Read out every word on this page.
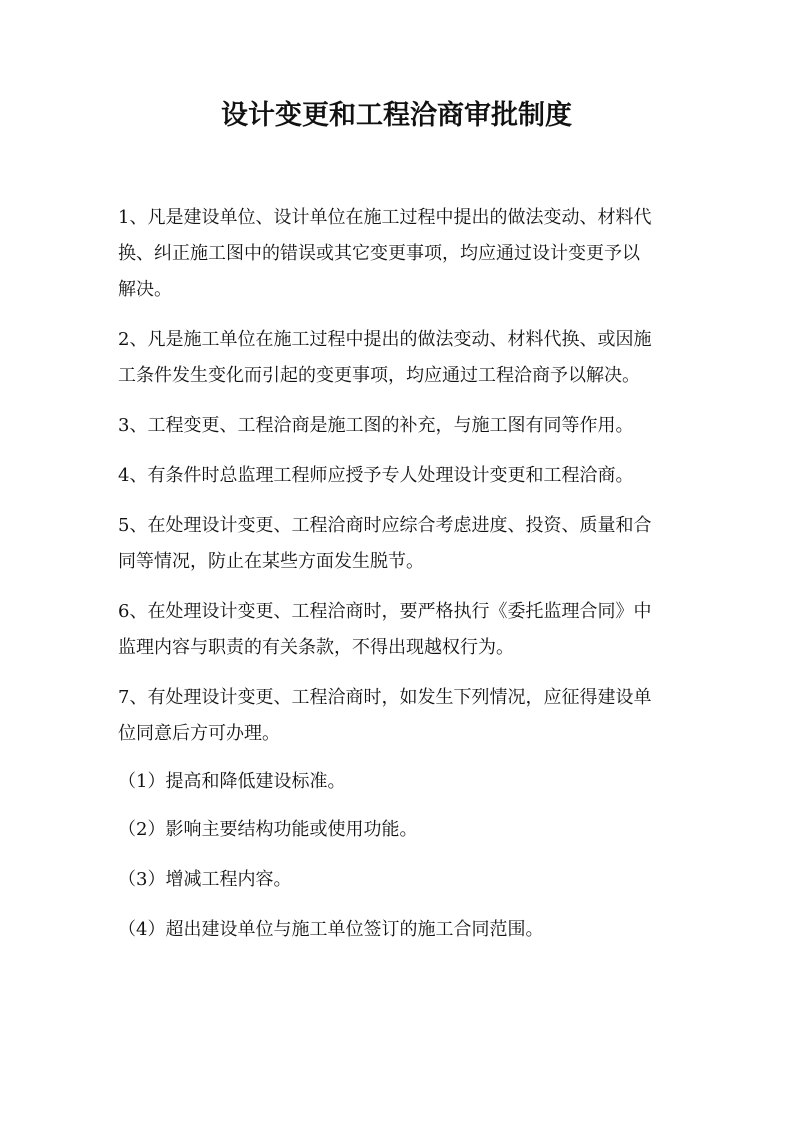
设计变更和工程洽商审批制度

1、凡是建设单位、设计单位在施工过程中提出的做法变动、材料代
换、纠正施工图中的错误或其它变更事项，均应通过设计变更予以
解决。

2、凡是施工单位在施工过程中提出的做法变动、材料代换、或因施
工条件发生变化而引起的变更事项，均应通过工程洽商予以解决。

3、工程变更、工程洽商是施工图的补充，与施工图有同等作用。

4、有条件时总监理工程师应授予专人处理设计变更和工程洽商。

5、在处理设计变更、工程洽商时应综合考虑进度、投资、质量和合
同等情况，防止在某些方面发生脱节。

6、在处理设计变更、工程洽商时，要严格执行《委托监理合同》中
监理内容与职责的有关条款，不得出现越权行为。

7、有处理设计变更、工程洽商时，如发生下列情况，应征得建设单
位同意后方可办理。

（1）提高和降低建设标准。

（2）影响主要结构功能或使用功能。

（3）增减工程内容。

（4）超出建设单位与施工单位签订的施工合同范围。
